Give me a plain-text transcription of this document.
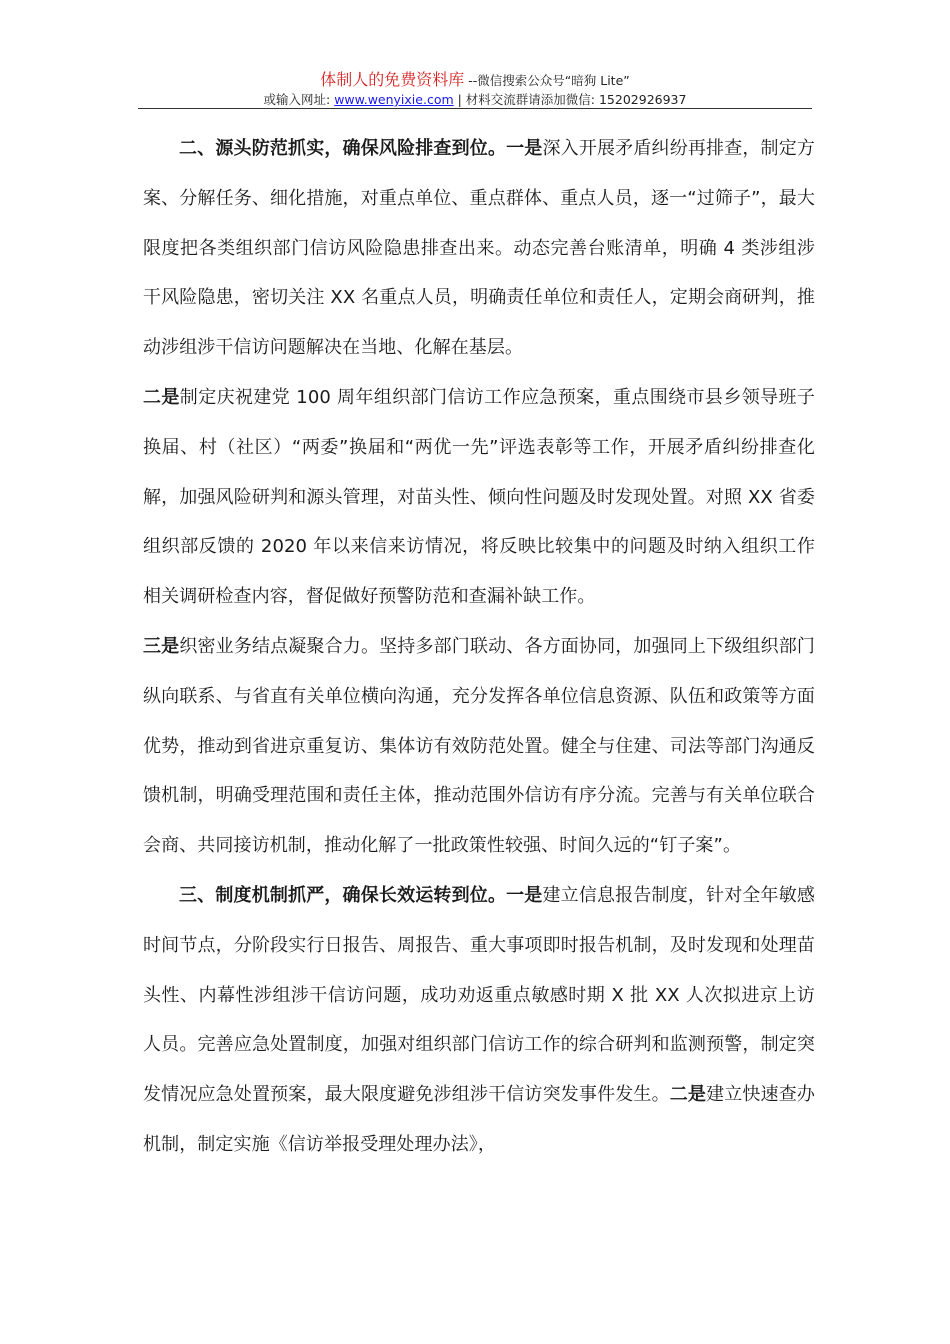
体制人的免费资料库 --微信搜索公众号“暗狗 Lite”
或输入网址: www.wenyixie.com | 材料交流群请添加微信: 15202926937

二、源头防范抓实，确保风险排查到位。一是深入开展矛盾纠纷再排查，制定方案、分解任务、细化措施，对重点单位、重点群体、重点人员，逐一“过筛子”，最大限度把各类组织部门信访风险隐患排查出来。动态完善台账清单，明确 4 类涉组涉干风险隐患，密切关注 XX 名重点人员，明确责任单位和责任人，定期会商研判，推动涉组涉干信访问题解决在当地、化解在基层。

二是制定庆祝建党 100 周年组织部门信访工作应急预案，重点围绕市县乡领导班子换届、村（社区）“两委”换届和“两优一先”评选表彰等工作，开展矛盾纠纷排查化解，加强风险研判和源头管理，对苗头性、倾向性问题及时发现处置。对照 XX 省委组织部反馈的 2020 年以来信来访情况，将反映比较集中的问题及时纳入组织工作相关调研检查内容，督促做好预警防范和查漏补缺工作。

三是织密业务结点凝聚合力。坚持多部门联动、各方面协同，加强同上下级组织部门纵向联系、与省直有关单位横向沟通，充分发挥各单位信息资源、队伍和政策等方面优势，推动到省进京重复访、集体访有效防范处置。健全与住建、司法等部门沟通反馈机制，明确受理范围和责任主体，推动范围外信访有序分流。完善与有关单位联合会商、共同接访机制，推动化解了一批政策性较强、时间久远的“钉子案”。

三、制度机制抓严，确保长效运转到位。一是建立信息报告制度，针对全年敏感时间节点，分阶段实行日报告、周报告、重大事项即时报告机制，及时发现和处理苗头性、内幕性涉组涉干信访问题，成功劝返重点敏感时期 X 批 XX 人次拟进京上访人员。完善应急处置制度，加强对组织部门信访工作的综合研判和监测预警，制定突发情况应急处置预案，最大限度避免涉组涉干信访突发事件发生。二是建立快速查办机制，制定实施《信访举报受理处理办法》，
